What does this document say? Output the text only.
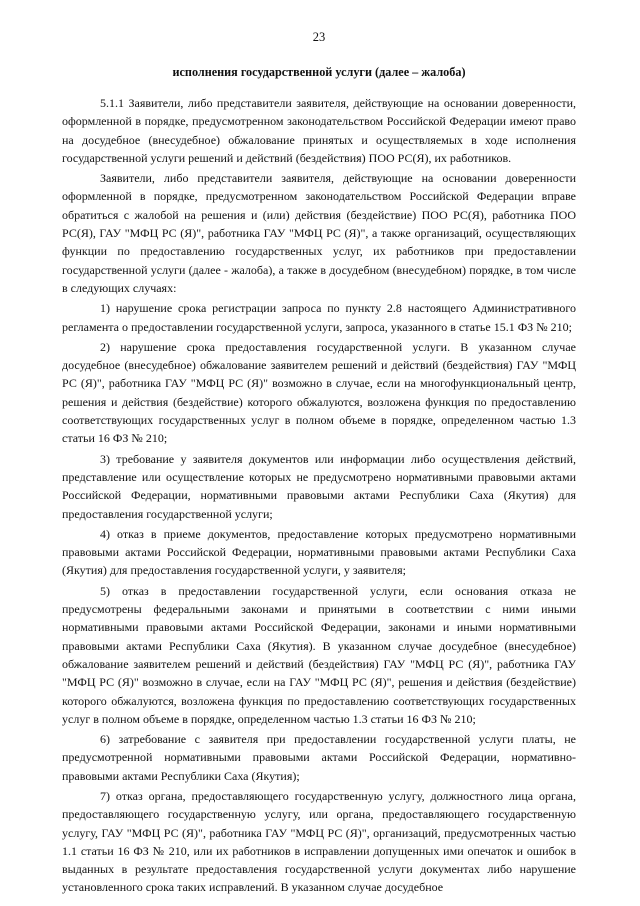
23
исполнения государственной услуги (далее – жалоба)

5.1.1 Заявители, либо представители заявителя, действующие на основании доверенности, оформленной в порядке, предусмотренном законодательством Российской Федерации имеют право на досудебное (внесудебное) обжалование принятых и осуществляемых в ходе исполнения государственной услуги решений и действий (бездействия) ПОО РС(Я), их работников.

Заявители, либо представители заявителя, действующие на основании доверенности оформленной в порядке, предусмотренном законодательством Российской Федерации вправе обратиться с жалобой на решения и (или) действия (бездействие) ПОО РС(Я), работника ПОО РС(Я), ГАУ "МФЦ РС (Я)", работника ГАУ "МФЦ РС (Я)", а также организаций, осуществляющих функции по предоставлению государственных услуг, их работников при предоставлении государственной услуги (далее - жалоба), а также в досудебном (внесудебном) порядке, в том числе в следующих случаях:

1) нарушение срока регистрации запроса по пункту 2.8 настоящего Административного регламента о предоставлении государственной услуги, запроса, указанного в статье 15.1 ФЗ № 210;

2) нарушение срока предоставления государственной услуги. В указанном случае досудебное (внесудебное) обжалование заявителем решений и действий (бездействия) ГАУ "МФЦ РС (Я)", работника ГАУ "МФЦ РС (Я)" возможно в случае, если на многофункциональный центр, решения и действия (бездействие) которого обжалуются, возложена функция по предоставлению соответствующих государственных услуг в полном объеме в порядке, определенном частью 1.3 статьи 16 ФЗ № 210;

3) требование у заявителя документов или информации либо осуществления действий, представление или осуществление которых не предусмотрено нормативными правовыми актами Российской Федерации, нормативными правовыми актами Республики Саха (Якутия) для предоставления государственной услуги;

4) отказ в приеме документов, предоставление которых предусмотрено нормативными правовыми актами Российской Федерации, нормативными правовыми актами Республики Саха (Якутия) для предоставления государственной услуги, у заявителя;

5) отказ в предоставлении государственной услуги, если основания отказа не предусмотрены федеральными законами и принятыми в соответствии с ними иными нормативными правовыми актами Российской Федерации, законами и иными нормативными правовыми актами Республики Саха (Якутия). В указанном случае досудебное (внесудебное) обжалование заявителем решений и действий (бездействия) ГАУ "МФЦ РС (Я)", работника ГАУ "МФЦ РС (Я)" возможно в случае, если на ГАУ "МФЦ РС (Я)", решения и действия (бездействие) которого обжалуются, возложена функция по предоставлению соответствующих государственных услуг в полном объеме в порядке, определенном частью 1.3 статьи 16 ФЗ № 210;

6) затребование с заявителя при предоставлении государственной услуги платы, не предусмотренной нормативными правовыми актами Российской Федерации, нормативно-правовыми актами Республики Саха (Якутия);

7) отказ органа, предоставляющего государственную услугу, должностного лица органа, предоставляющего государственную услугу, или органа, предоставляющего государственную услугу, ГАУ "МФЦ РС (Я)", работника ГАУ "МФЦ РС (Я)", организаций, предусмотренных частью 1.1 статьи 16 ФЗ № 210, или их работников в исправлении допущенных ими опечаток и ошибок в выданных в результате предоставления государственной услуги документах либо нарушение установленного срока таких исправлений. В указанном случае досудебное
